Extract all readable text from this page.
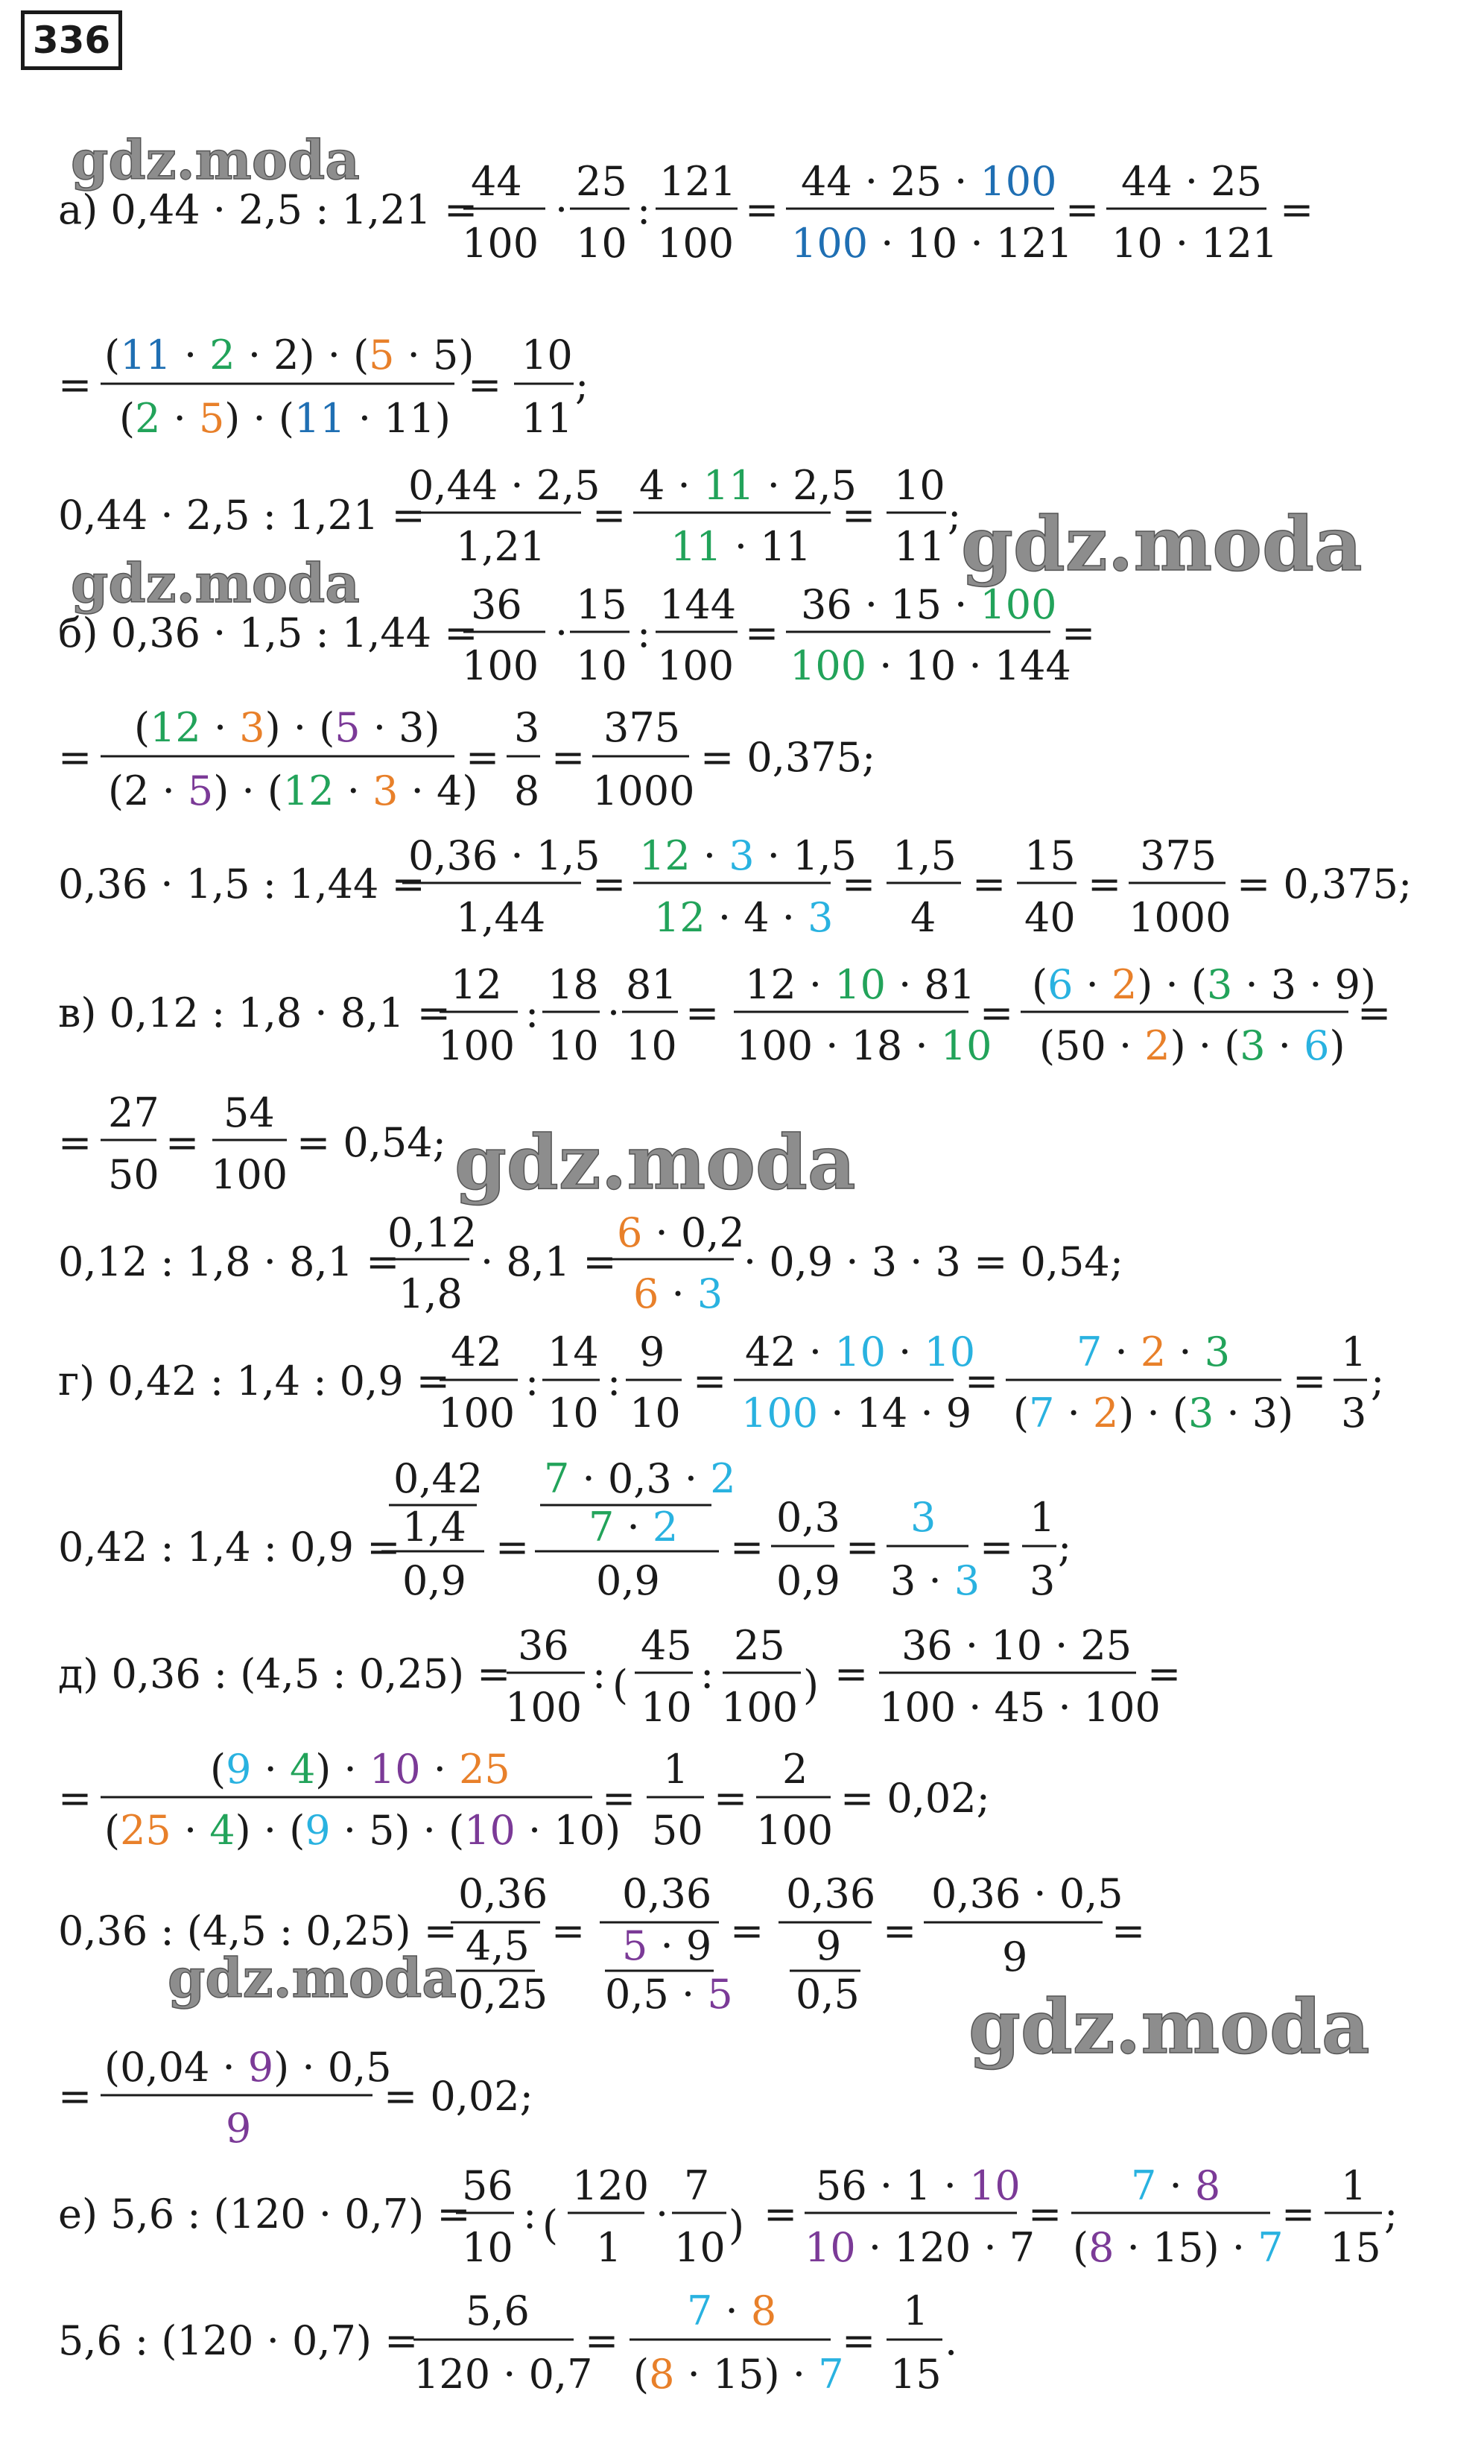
336
gdz.moda
gdz.moda
gdz.moda
gdz.moda
gdz.moda
gdz.moda
а) 0,44 · 2,5 : 1,21 =
44
100
·
25
10
:
121
100
=
44 · 25 · 100
100 · 10 · 121
=
44 · 25
10 · 121
=
=
(11 · 2 · 2) · (5 · 5)
(2 · 5) · (11 · 11)
=
10
11
;
0,44 · 2,5 : 1,21 =
0,44 · 2,5
1,21
=
4 · 11 · 2,5
11 · 11
=
10
11
;
б) 0,36 · 1,5 : 1,44 =
36
100
·
15
10
:
144
100
=
36 · 15 · 100
100 · 10 · 144
=
=
(12 · 3) · (5 · 3)
(2 · 5) · (12 · 3 · 4)
=
3
8
=
375
1000
= 0,375;
0,36 · 1,5 : 1,44 =
0,36 · 1,5
1,44
=
12 · 3 · 1,5
12 · 4 · 3
=
1,5
4
=
15
40
=
375
1000
= 0,375;
в) 0,12 : 1,8 · 8,1 =
12
100
:
18
10
·
81
10
=
12 · 10 · 81
100 · 18 · 10
=
(6 · 2) · (3 · 3 · 9)
(50 · 2) · (3 · 6)
=
=
27
50
=
54
100
= 0,54;
0,12 : 1,8 · 8,1 =
0,12
1,8
· 8,1 =
6 · 0,2
6 · 3
· 0,9 · 3 · 3 = 0,54;
г) 0,42 : 1,4 : 0,9 =
42
100
:
14
10
:
9
10
=
42 · 10 · 10
100 · 14 · 9
=
7 · 2 · 3
(7 · 2) · (3 · 3)
=
1
3
;
0,42 : 1,4 : 0,9 =
0,42
1,4
0,9
=
7 · 0,3 · 2
7 · 2
0,9
=
0,3
0,9
=
3
3 · 3
=
1
3
;
д) 0,36 : (4,5 : 0,25) =
36
100
: (
45
10
:
25
100 ) =
36 · 10 · 25
100 · 45 · 100
=
=
(9 · 4) · 10 · 25
(25 · 4) · (9 · 5) · (10 · 10)
=
1
50
=
2
100
= 0,02;
0,36 : (4,5 : 0,25) =
0,36
4,5
0,25
=
0,36
5 · 9
0,5 · 5
=
0,36
9
0,5
=
0,36 · 0,5
9
=
=
(0,04 · 9) · 0,5
9
= 0,02;
е) 5,6 : (120 · 0,7) =
56
10
: (
120
1
·
7
10 ) =
56 · 1 · 10
10 · 120 · 7
=
7 · 8
(8 · 15) · 7
=
1
15
;
5,6 : (120 · 0,7) =
5,6
120 · 0,7
=
7 · 8
(8 · 15) · 7
=
1
15
.
